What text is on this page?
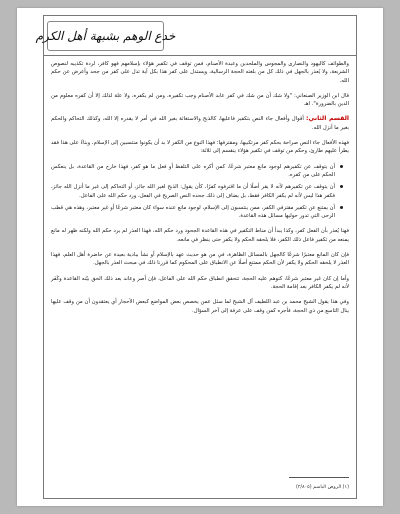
خدع الوهم بشبهة أهل الكرم

والطوائف كاليهود والنصارى والمجوس والملحدين وعبدة الأصنام، فمن توقف في تكفير هؤلاء بإسلامهم فهو كافر، لردة تكذيبه لنصوص الشريعة، ولا يُعذر بالجهل في ذلك كل من بلغته الحجة الرسالية، ويستدل على كفر هذا بكل آية تدل على كفر من جحد وأعرض عن حكم الله.

قال ابن الوزير الصنعاني: "ولا شك أن من شك في كفر عابد الأصنام وجب تكفيره، ومن لم يكفره، ولا علة لذلك إلا أن كفره معلوم من الدين بالضرورة". اهـ

القسم الثاني: أقوال وأفعال جاء النص بتكفير فاعليها، كالذبح والاستغاثة بغير الله في أمر لا يقدره إلا الله، وكذلك التحاكم والحكم بغير ما أنزل الله.

فهذه الأفعال جاء النص صراحة بحكم كفر مرتكبيها، ومقترفها؛ فهذا النوع من الكفر لا بد أن يكونوا منتسبين إلى الإسلام، وبناءً على هذا فقد يطرأ عليهم طارئ، وحكم من توقف في تكفير هؤلاء ينقسم إلى ثلاثة:

أن يتوقف عن تكفيرهم لوجود مانع معتبر شرعًا، كمن أكره على التلفظ أو فعل ما هو كفر، فهذا خارج من القاعدة، بل ينعكس الحكم على من كفره.
أن يتوقف عن تكفيرهم لأنه لا يقر أصلًا أن ما اقترفوه كفرًا، كأن يقول: الذبح لغير الله جائز، أو التحاكم إلى غير ما أنزل الله جائز، فكفر هذا ليس لأنه لم يكفر الكافر فقط، بل يضاف إلى ذلك جحده النص الصريح في الفعل، ورد حكم الله على الفاعل.
أن يمتنع عن تكفير مقترفي الكفر، ممن ينتسبون إلى الإسلام، لوجود مانع عنده سواء كان معتبر شرعًا أو غير معتبر، وهذه هي قطب الرحى التي تدور حوليها مسائل هذه القاعدة.

فهنا يُعذر بأن الفعل كفر، وكذا يبدأ أن مناط التكفير في هذه القاعدة الجحود ورد حكم الله، فهذا العذر لم يرد حكم الله ولكنه ظهر له مانع يمنعه من تكفير فاعل ذلك الكفر، فلا يلحقه الحكم ولا يكفر حتى ينظر في مانعه.

فإن كان المانع معتبرًا شرعًا كالجهل بالمسائل الظاهرة، في من هو حديث عهد بالإسلام أو نشأ ببادية بعيدة عن حاضرة أهل العلم، فهذا العذر لا يلحقه الحكم ولا يكفر لأن الحكم ممتنع أصلًا عن الانطباق على المحكوم كما قررنا ذلك في مبحث العذر بالجهل.

وأما إن كان غير معتبر شرعًا، كتوهم عليه الحجة، تتحقق انطباق حكم الله على الفاعل، فإن أصر وعاند بعد ذلك الحق بيّنه القاعدة وكَفَر لأنه لم يكفر الكافر بعد إقامة الحجة.

وفي هذا يقول الشيخ محمد بن عبد اللطيف آل الشيخ لما سئل عمن يخصص بعض المواضع كبعض الأحجار أي يعتقدون أن من وقف عليها ينال التاسع من ذي الحجة، فأجره كمن وقف على عرفة إلى آخر السؤال.

(١) الروض الباسم (٢/٨٠٥)
